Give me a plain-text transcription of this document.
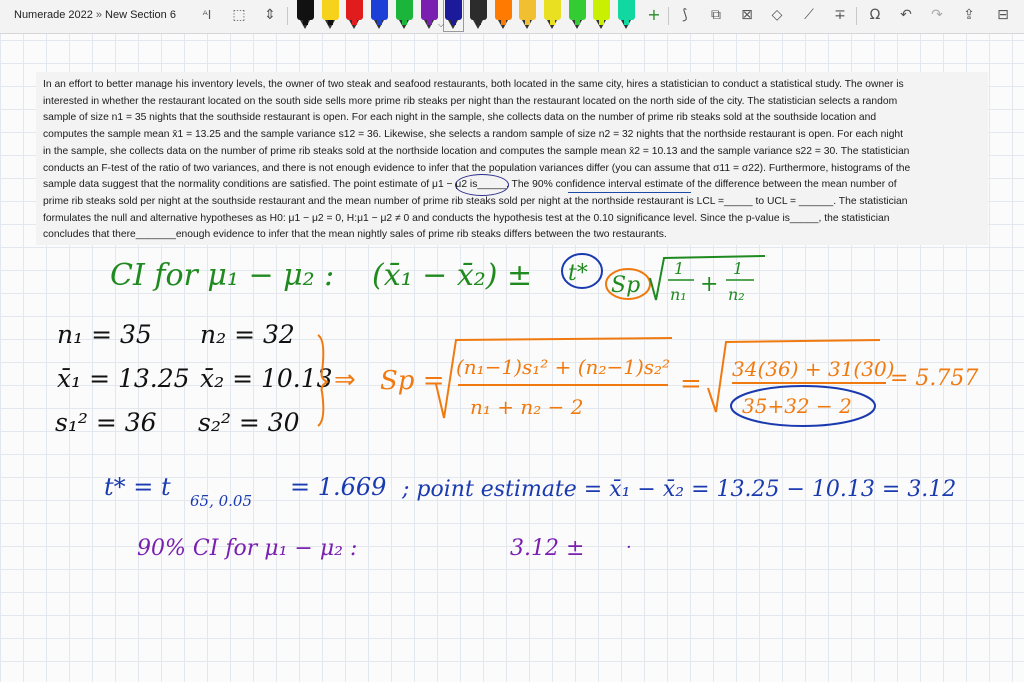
Numerade 2022 » New Section 6	ᴬI	⬚ ⇕
⌵
+	⟆	⧉ ⊠ ◇ ⟋ ∓ Ω ↶ ↷ ⇪ ⊟
In an effort to better manage his inventory levels, the owner of two steak and seafood restaurants, both located in the same city, hires a statistician to conduct a statistical study. The owner is
interested in whether the restaurant located on the south side sells more prime rib steaks per night than the restaurant located on the north side of the city. The statistician selects a random
sample of size n1 = 35 nights that the southside restaurant is open. For each night in the sample, she collects data on the number of prime rib steaks sold at the southside location and
computes the sample mean x̄1 = 13.25 and the sample variance s12 = 36. Likewise, she selects a random sample of size n2 = 32 nights that the northside restaurant is open. For each night
in the sample, she collects data on the number of prime rib steaks sold at the northside location and computes the sample mean x̄2 = 10.13 and the sample variance s22 = 30. The statistician
conducts an F-test of the ratio of two variances, and there is not enough evidence to infer that the population variances differ (you can assume that σ11 = σ22). Furthermore, histograms of the
sample data suggest that the normality conditions are satisfied. The point estimate of μ1 − μ2 is_____. The 90% confidence interval estimate of the difference between the mean number of
prime rib steaks sold per night at the southside restaurant and the mean number of prime rib steaks sold per night at the northside restaurant is LCL =_____ to UCL = ______. The statistician
formulates the null and alternative hypotheses as H0: μ1 − μ2 = 0, H:μ1 − μ2 ≠ 0 and conducts the hypothesis test at the 0.10 significance level. Since the p-value is_____, the statistician
concludes that there_______enough evidence to infer that the mean nightly sales of prime rib steaks differs between the two restaurants.
CI for μ₁ − μ₂ : (x̄₁ − x̄₂) ± t* Sp
1
n₁ +
1
n₂
n₁ = 35 n₂ = 32
x̄₁ = 13.25 x̄₂ = 10.13
s₁² = 36 s₂² = 30
⇒ Sp = (n₁−1)s₁² + (n₂−1)s₂²
n₁ + n₂ − 2
= 34(36) + 31(30)
35+32 − 2
= 5.757
t* = t 65, 0.05 = 1.669 ; point estimate = x̄₁ − x̄₂ = 13.25 − 10.13 = 3.12
90% CI for μ₁ − μ₂ :	3.12 ± ·
